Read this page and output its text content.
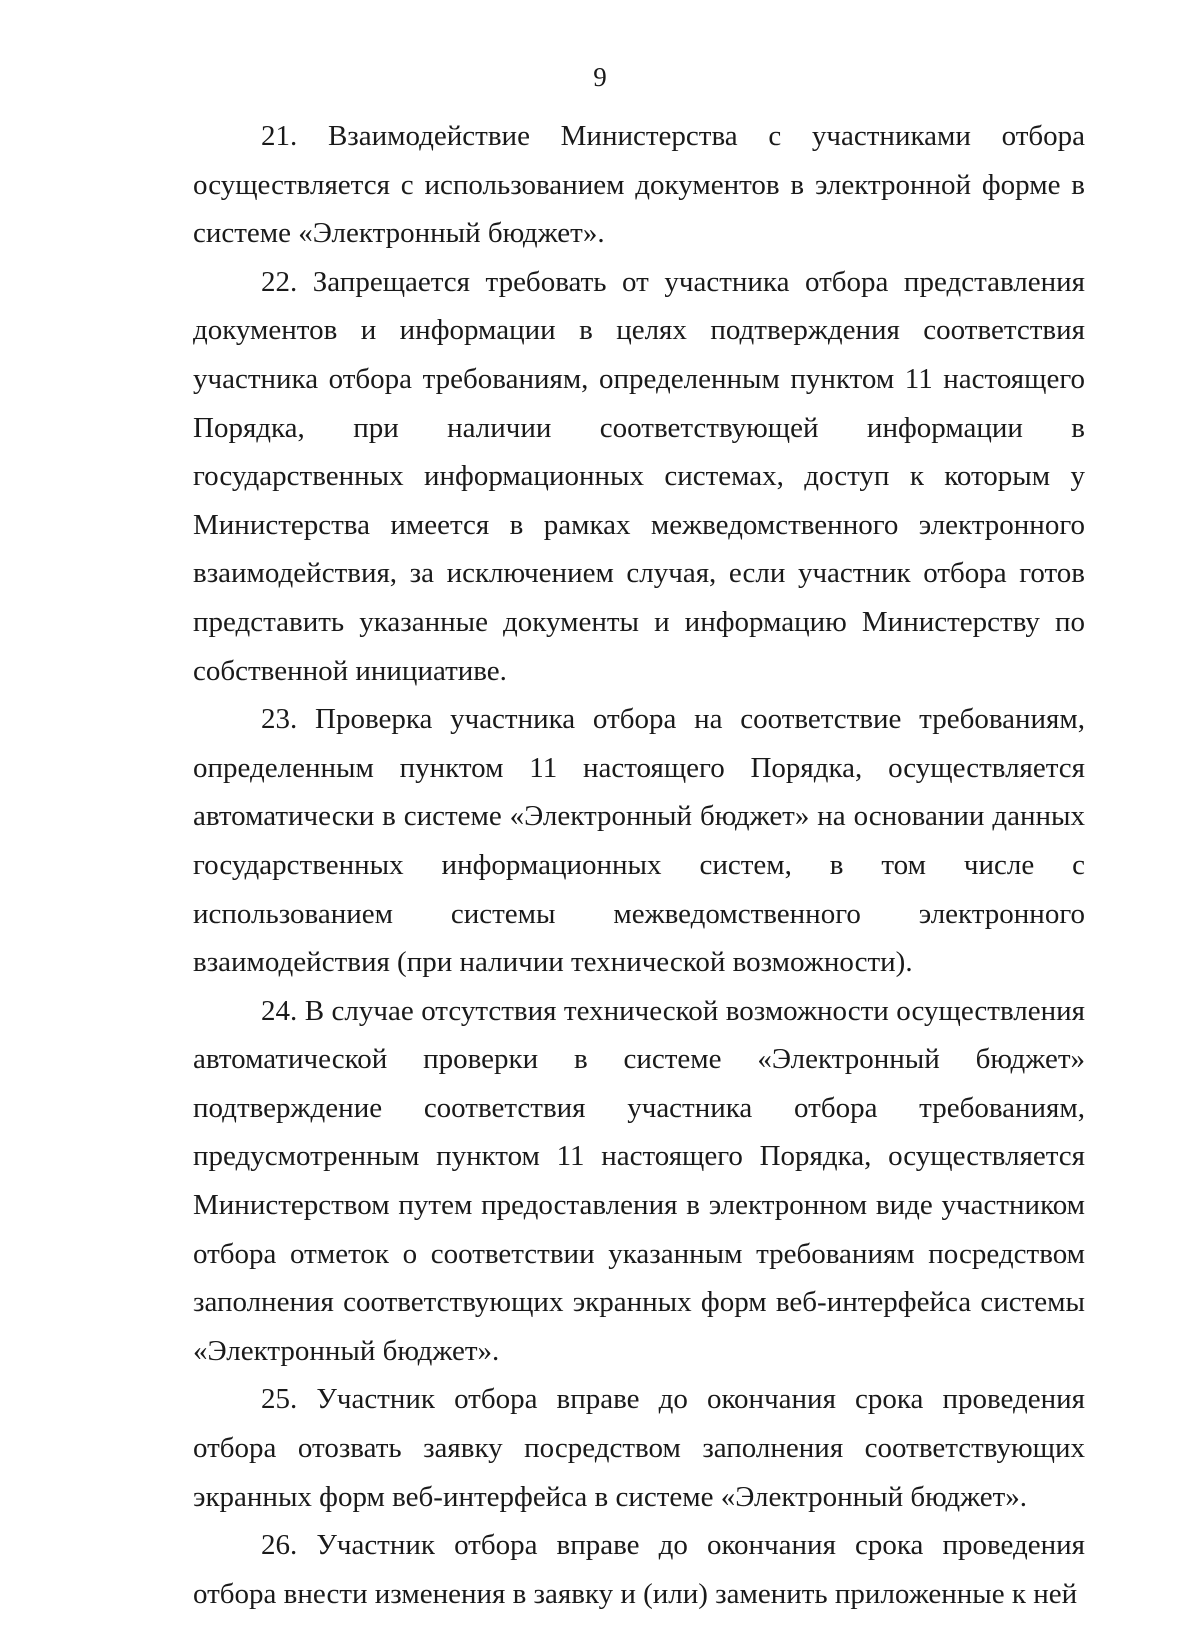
9

21. Взаимодействие Министерства с участниками отбора осуществляется с использованием документов в электронной форме в системе «Электронный бюджет».

22. Запрещается требовать от участника отбора представления документов и информации в целях подтверждения соответствия участника отбора требованиям, определенным пунктом 11 настоящего Порядка, при наличии соответствующей информации в государственных информационных системах, доступ к которым у Министерства имеется в рамках межведомственного электронного взаимодействия, за исключением случая, если участник отбора готов представить указанные документы и информацию Министерству по собственной инициативе.

23. Проверка участника отбора на соответствие требованиям, определенным пунктом 11 настоящего Порядка, осуществляется автоматически в системе «Электронный бюджет» на основании данных государственных информационных систем, в том числе с использованием системы межведомственного электронного взаимодействия (при наличии технической возможности).

24. В случае отсутствия технической возможности осуществления автоматической проверки в системе «Электронный бюджет» подтверждение соответствия участника отбора требованиям, предусмотренным пунктом 11 настоящего Порядка, осуществляется Министерством путем предоставления в электронном виде участником отбора отметок о соответствии указанным требованиям посредством заполнения соответствующих экранных форм веб-интерфейса системы «Электронный бюджет».

25. Участник отбора вправе до окончания срока проведения отбора отозвать заявку посредством заполнения соответствующих экранных форм веб-интерфейса в системе «Электронный бюджет».

26. Участник отбора вправе до окончания срока проведения отбора внести изменения в заявку и (или) заменить приложенные к ней
